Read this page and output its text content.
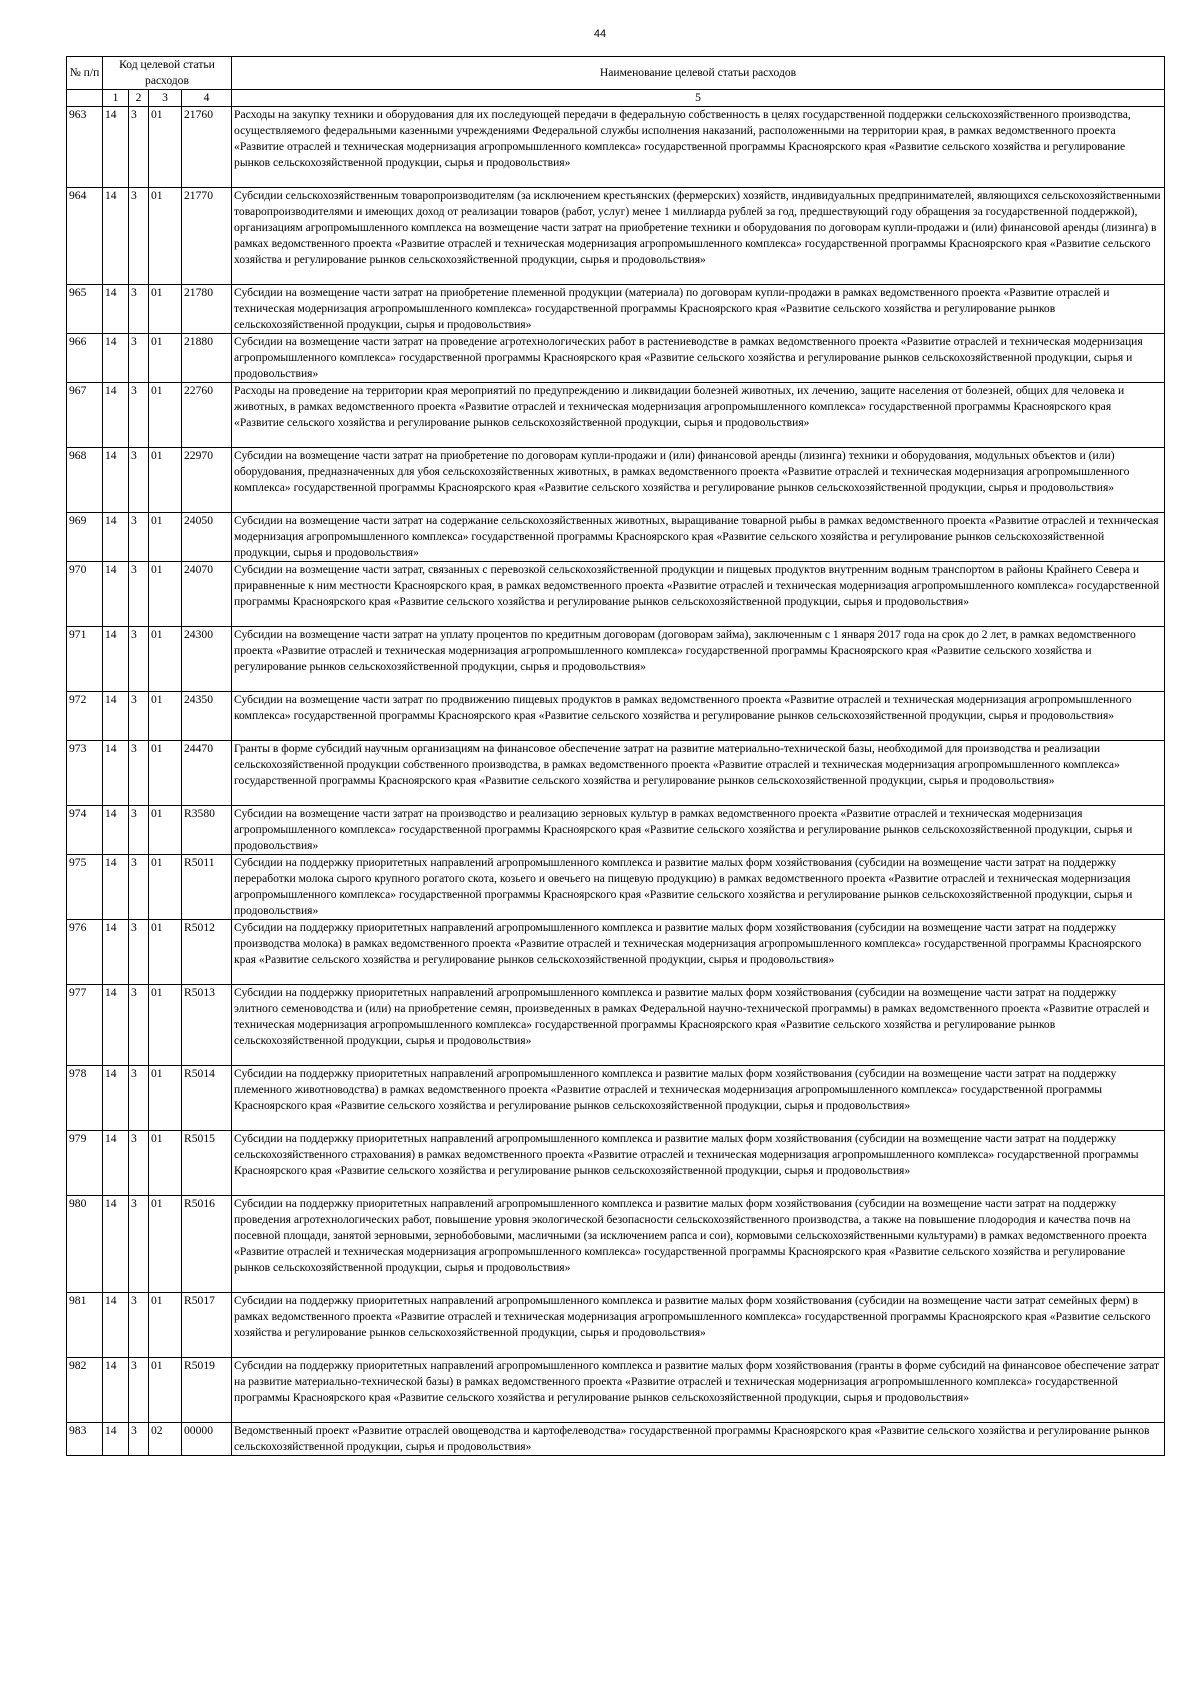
44
№ п/п	Код целевой статьи расходов				Наименование целевой статьи расходов

	1	2	3	4	5
963	14	3	01	21760	Расходы на закупку техники и оборудования для их последующей передачи в федеральную собственность в целях государственной поддержки сельскохозяйственного производства, осуществляемого федеральными казенными учреждениями Федеральной службы исполнения наказаний, расположенными на территории края, в рамках ведомственного проекта «Развитие отраслей и техническая модернизация агропромышленного комплекса» государственной программы Красноярского края «Развитие сельского хозяйства и регулирование рынков сельскохозяйственной продукции, сырья и продовольствия»
964	14	3	01	21770	Субсидии сельскохозяйственным товаропроизводителям (за исключением крестьянских (фермерских) хозяйств, индивидуальных предпринимателей, являющихся сельскохозяйственными товаропроизводителями и имеющих доход от реализации товаров (работ, услуг) менее 1 миллиарда рублей за год, предшествующий году обращения за государственной поддержкой), организациям агропромышленного комплекса на возмещение части затрат на приобретение техники и оборудования по договорам купли-продажи и (или) финансовой аренды (лизинга) в рамках ведомственного проекта «Развитие отраслей и техническая модернизация агропромышленного комплекса» государственной программы Красноярского края «Развитие сельского хозяйства и регулирование рынков сельскохозяйственной продукции, сырья и продовольствия»
965	14	3	01	21780	Субсидии на возмещение части затрат на приобретение племенной продукции (материала) по договорам купли-продажи в рамках ведомственного проекта «Развитие отраслей и техническая модернизация агропромышленного комплекса» государственной программы Красноярского края «Развитие сельского хозяйства и регулирование рынков сельскохозяйственной продукции, сырья и продовольствия»
966	14	3	01	21880	Субсидии на возмещение части затрат на проведение агротехнологических работ в растениеводстве в рамках ведомственного проекта «Развитие отраслей и техническая модернизация агропромышленного комплекса» государственной программы Красноярского края «Развитие сельского хозяйства и регулирование рынков сельскохозяйственной продукции, сырья и продовольствия»
967	14	3	01	22760	Расходы на проведение на территории края мероприятий по предупреждению и ликвидации болезней животных, их лечению, защите населения от болезней, общих для человека и животных, в рамках ведомственного проекта «Развитие отраслей и техническая модернизация агропромышленного комплекса» государственной программы Красноярского края «Развитие сельского хозяйства и регулирование рынков сельскохозяйственной продукции, сырья и продовольствия»
968	14	3	01	22970	Субсидии на возмещение части затрат на приобретение по договорам купли-продажи и (или) финансовой аренды (лизинга) техники и оборудования, модульных объектов и (или) оборудования, предназначенных для убоя сельскохозяйственных животных, в рамках ведомственного проекта «Развитие отраслей и техническая модернизация агропромышленного комплекса» государственной программы Красноярского края «Развитие сельского хозяйства и регулирование рынков сельскохозяйственной продукции, сырья и продовольствия»
969	14	3	01	24050	Субсидии на возмещение части затрат на содержание сельскохозяйственных животных, выращивание товарной рыбы в рамках ведомственного проекта «Развитие отраслей и техническая модернизация агропромышленного комплекса» государственной программы Красноярского края «Развитие сельского хозяйства и регулирование рынков сельскохозяйственной продукции, сырья и продовольствия»
970	14	3	01	24070	Субсидии на возмещение части затрат, связанных с перевозкой сельскохозяйственной продукции и пищевых продуктов внутренним водным транспортом в районы Крайнего Севера и приравненные к ним местности Красноярского края, в рамках ведомственного проекта «Развитие отраслей и техническая модернизация агропромышленного комплекса» государственной программы Красноярского края «Развитие сельского хозяйства и регулирование рынков сельскохозяйственной продукции, сырья и продовольствия»
971	14	3	01	24300	Субсидии на возмещение части затрат на уплату процентов по кредитным договорам (договорам займа), заключенным с 1 января 2017 года на срок до 2 лет, в рамках ведомственного проекта «Развитие отраслей и техническая модернизация агропромышленного комплекса» государственной программы Красноярского края «Развитие сельского хозяйства и регулирование рынков сельскохозяйственной продукции, сырья и продовольствия»
972	14	3	01	24350	Субсидии на возмещение части затрат по продвижению пищевых продуктов в рамках ведомственного проекта «Развитие отраслей и техническая модернизация агропромышленного комплекса» государственной программы Красноярского края «Развитие сельского хозяйства и регулирование рынков сельскохозяйственной продукции, сырья и продовольствия»
973	14	3	01	24470	Гранты в форме субсидий научным организациям на финансовое обеспечение затрат на развитие материально-технической базы, необходимой для производства и реализации сельскохозяйственной продукции собственного производства, в рамках ведомственного проекта «Развитие отраслей и техническая модернизация агропромышленного комплекса» государственной программы Красноярского края «Развитие сельского хозяйства и регулирование рынков сельскохозяйственной продукции, сырья и продовольствия»
974	14	3	01	R3580	Субсидии на возмещение части затрат на производство и реализацию зерновых культур в рамках ведомственного проекта «Развитие отраслей и техническая модернизация агропромышленного комплекса» государственной программы Красноярского края «Развитие сельского хозяйства и регулирование рынков сельскохозяйственной продукции, сырья и продовольствия»
975	14	3	01	R5011	Субсидии на поддержку приоритетных направлений агропромышленного комплекса и развитие малых форм хозяйствования (субсидии на возмещение части затрат на поддержку переработки молока сырого крупного рогатого скота, козьего и овечьего на пищевую продукцию) в рамках ведомственного проекта «Развитие отраслей и техническая модернизация агропромышленного комплекса» государственной программы Красноярского края «Развитие сельского хозяйства и регулирование рынков сельскохозяйственной продукции, сырья и продовольствия»
976	14	3	01	R5012	Субсидии на поддержку приоритетных направлений агропромышленного комплекса и развитие малых форм хозяйствования (субсидии на возмещение части затрат на поддержку производства молока) в рамках ведомственного проекта «Развитие отраслей и техническая модернизация агропромышленного комплекса» государственной программы Красноярского края «Развитие сельского хозяйства и регулирование рынков сельскохозяйственной продукции, сырья и продовольствия»
977	14	3	01	R5013	Субсидии на поддержку приоритетных направлений агропромышленного комплекса и развитие малых форм хозяйствования (субсидии на возмещение части затрат на поддержку элитного семеноводства и (или) на приобретение семян, произведенных в рамках Федеральной научно-технической программы) в рамках ведомственного проекта «Развитие отраслей и техническая модернизация агропромышленного комплекса» государственной программы Красноярского края «Развитие сельского хозяйства и регулирование рынков сельскохозяйственной продукции, сырья и продовольствия»
978	14	3	01	R5014	Субсидии на поддержку приоритетных направлений агропромышленного комплекса и развитие малых форм хозяйствования (субсидии на возмещение части затрат на поддержку племенного животноводства) в рамках ведомственного проекта «Развитие отраслей и техническая модернизация агропромышленного комплекса» государственной программы Красноярского края «Развитие сельского хозяйства и регулирование рынков сельскохозяйственной продукции, сырья и продовольствия»
979	14	3	01	R5015	Субсидии на поддержку приоритетных направлений агропромышленного комплекса и развитие малых форм хозяйствования (субсидии на возмещение части затрат на поддержку сельскохозяйственного страхования) в рамках ведомственного проекта «Развитие отраслей и техническая модернизация агропромышленного комплекса» государственной программы Красноярского края «Развитие сельского хозяйства и регулирование рынков сельскохозяйственной продукции, сырья и продовольствия»
980	14	3	01	R5016	Субсидии на поддержку приоритетных направлений агропромышленного комплекса и развитие малых форм хозяйствования (субсидии на возмещение части затрат на поддержку проведения агротехнологических работ, повышение уровня экологической безопасности сельскохозяйственного производства, а также на повышение плодородия и качества почв на посевной площади, занятой зерновыми, зернобобовыми, масличными (за исключением рапса и сои), кормовыми сельскохозяйственными культурами) в рамках ведомственного проекта «Развитие отраслей и техническая модернизация агропромышленного комплекса» государственной программы Красноярского края «Развитие сельского хозяйства и регулирование рынков сельскохозяйственной продукции, сырья и продовольствия»
981	14	3	01	R5017	Субсидии на поддержку приоритетных направлений агропромышленного комплекса и развитие малых форм хозяйствования (субсидии на возмещение части затрат семейных ферм) в рамках ведомственного проекта «Развитие отраслей и техническая модернизация агропромышленного комплекса» государственной программы Красноярского края «Развитие сельского хозяйства и регулирование рынков сельскохозяйственной продукции, сырья и продовольствия»
982	14	3	01	R5019	Субсидии на поддержку приоритетных направлений агропромышленного комплекса и развитие малых форм хозяйствования (гранты в форме субсидий на финансовое обеспечение затрат на развитие материально-технической базы) в рамках ведомственного проекта «Развитие отраслей и техническая модернизация агропромышленного комплекса» государственной программы Красноярского края «Развитие сельского хозяйства и регулирование рынков сельскохозяйственной продукции, сырья и продовольствия»
983	14	3	02	00000	Ведомственный проект «Развитие отраслей овощеводства и картофелеводства» государственной программы Красноярского края «Развитие сельского хозяйства и регулирование рынков сельскохозяйственной продукции, сырья и продовольствия»
